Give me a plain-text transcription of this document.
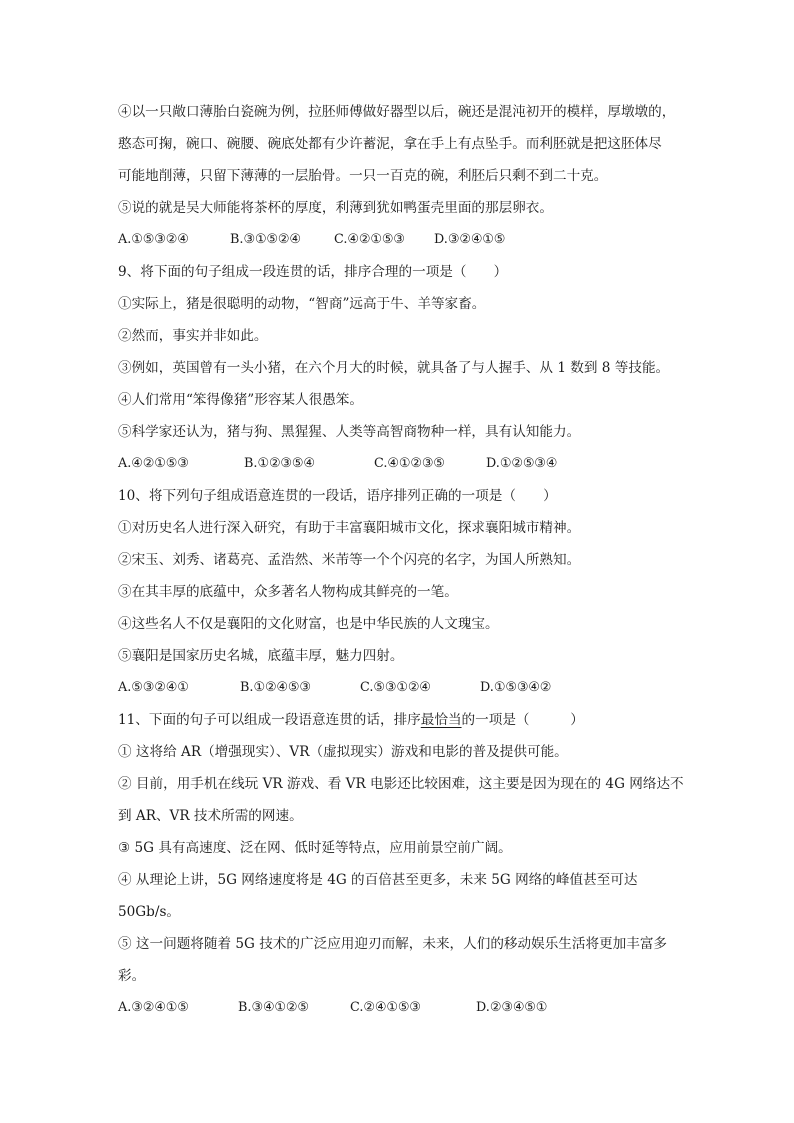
④以一只敞口薄胎白瓷碗为例，拉胚师傅做好器型以后，碗还是混沌初开的模样，厚墩墩的，
憨态可掬，碗口、碗腰、碗底处都有少许蓄泥，拿在手上有点坠手。而利胚就是把这胚体尽
可能地削薄，只留下薄薄的一层胎骨。一只一百克的碗，利胚后只剩不到二十克。
⑤说的就是吴大师能将茶杯的厚度，利薄到犹如鸭蛋壳里面的那层卵衣。
A.①⑤③②④	B.③①⑤②④	C.④②①⑤③ D.③②④①⑤
9、将下面的句子组成一段连贯的话，排序合理的一项是（　　）
①实际上，猪是很聪明的动物，“智商”远高于牛、羊等家畜。
②然而，事实并非如此。
③例如，英国曾有一头小猪，在六个月大的时候，就具备了与人握手、从 1 数到 8 等技能。
④人们常用“笨得像猪”形容某人很愚笨。
⑤科学家还认为，猪与狗、黑猩猩、人类等高智商物种一样，具有认知能力。
A.④②①⑤③	B.①②③⑤④	C.④①②③⑤	D.①②⑤③④
10、将下列句子组成语意连贯的一段话，语序排列正确的一项是（　　）
①对历史名人进行深入研究，有助于丰富襄阳城市文化，探求襄阳城市精神。
②宋玉、刘秀、诸葛亮、孟浩然、米芾等一个个闪亮的名字，为国人所熟知。
③在其丰厚的底蕴中，众多著名人物构成其鲜亮的一笔。
④这些名人不仅是襄阳的文化财富，也是中华民族的人文瑰宝。
⑤襄阳是国家历史名城，底蕴丰厚，魅力四射。
A.⑤③②④①	B.①②④⑤③	C.⑤③①②④	D.①⑤③④②
11、下面的句子可以组成一段语意连贯的话，排序最恰当的一项是（　　　）
① 这将给 AR（增强现实）、VR（虚拟现实）游戏和电影的普及提供可能。
② 目前，用手机在线玩 VR 游戏、看 VR 电影还比较困难，这主要是因为现在的 4G 网络达不
到 AR、VR 技术所需的网速。
③ 5G 具有高速度、泛在网、低时延等特点，应用前景空前广阔。
④ 从理论上讲，5G 网络速度将是 4G 的百倍甚至更多，未来 5G 网络的峰值甚至可达
50Gb/s。
⑤ 这一问题将随着 5G 技术的广泛应用迎刃而解，未来，人们的移动娱乐生活将更加丰富多
彩。
A.③②④①⑤	B.③④①②⑤	C.②④①⑤③	D.②③④⑤①
